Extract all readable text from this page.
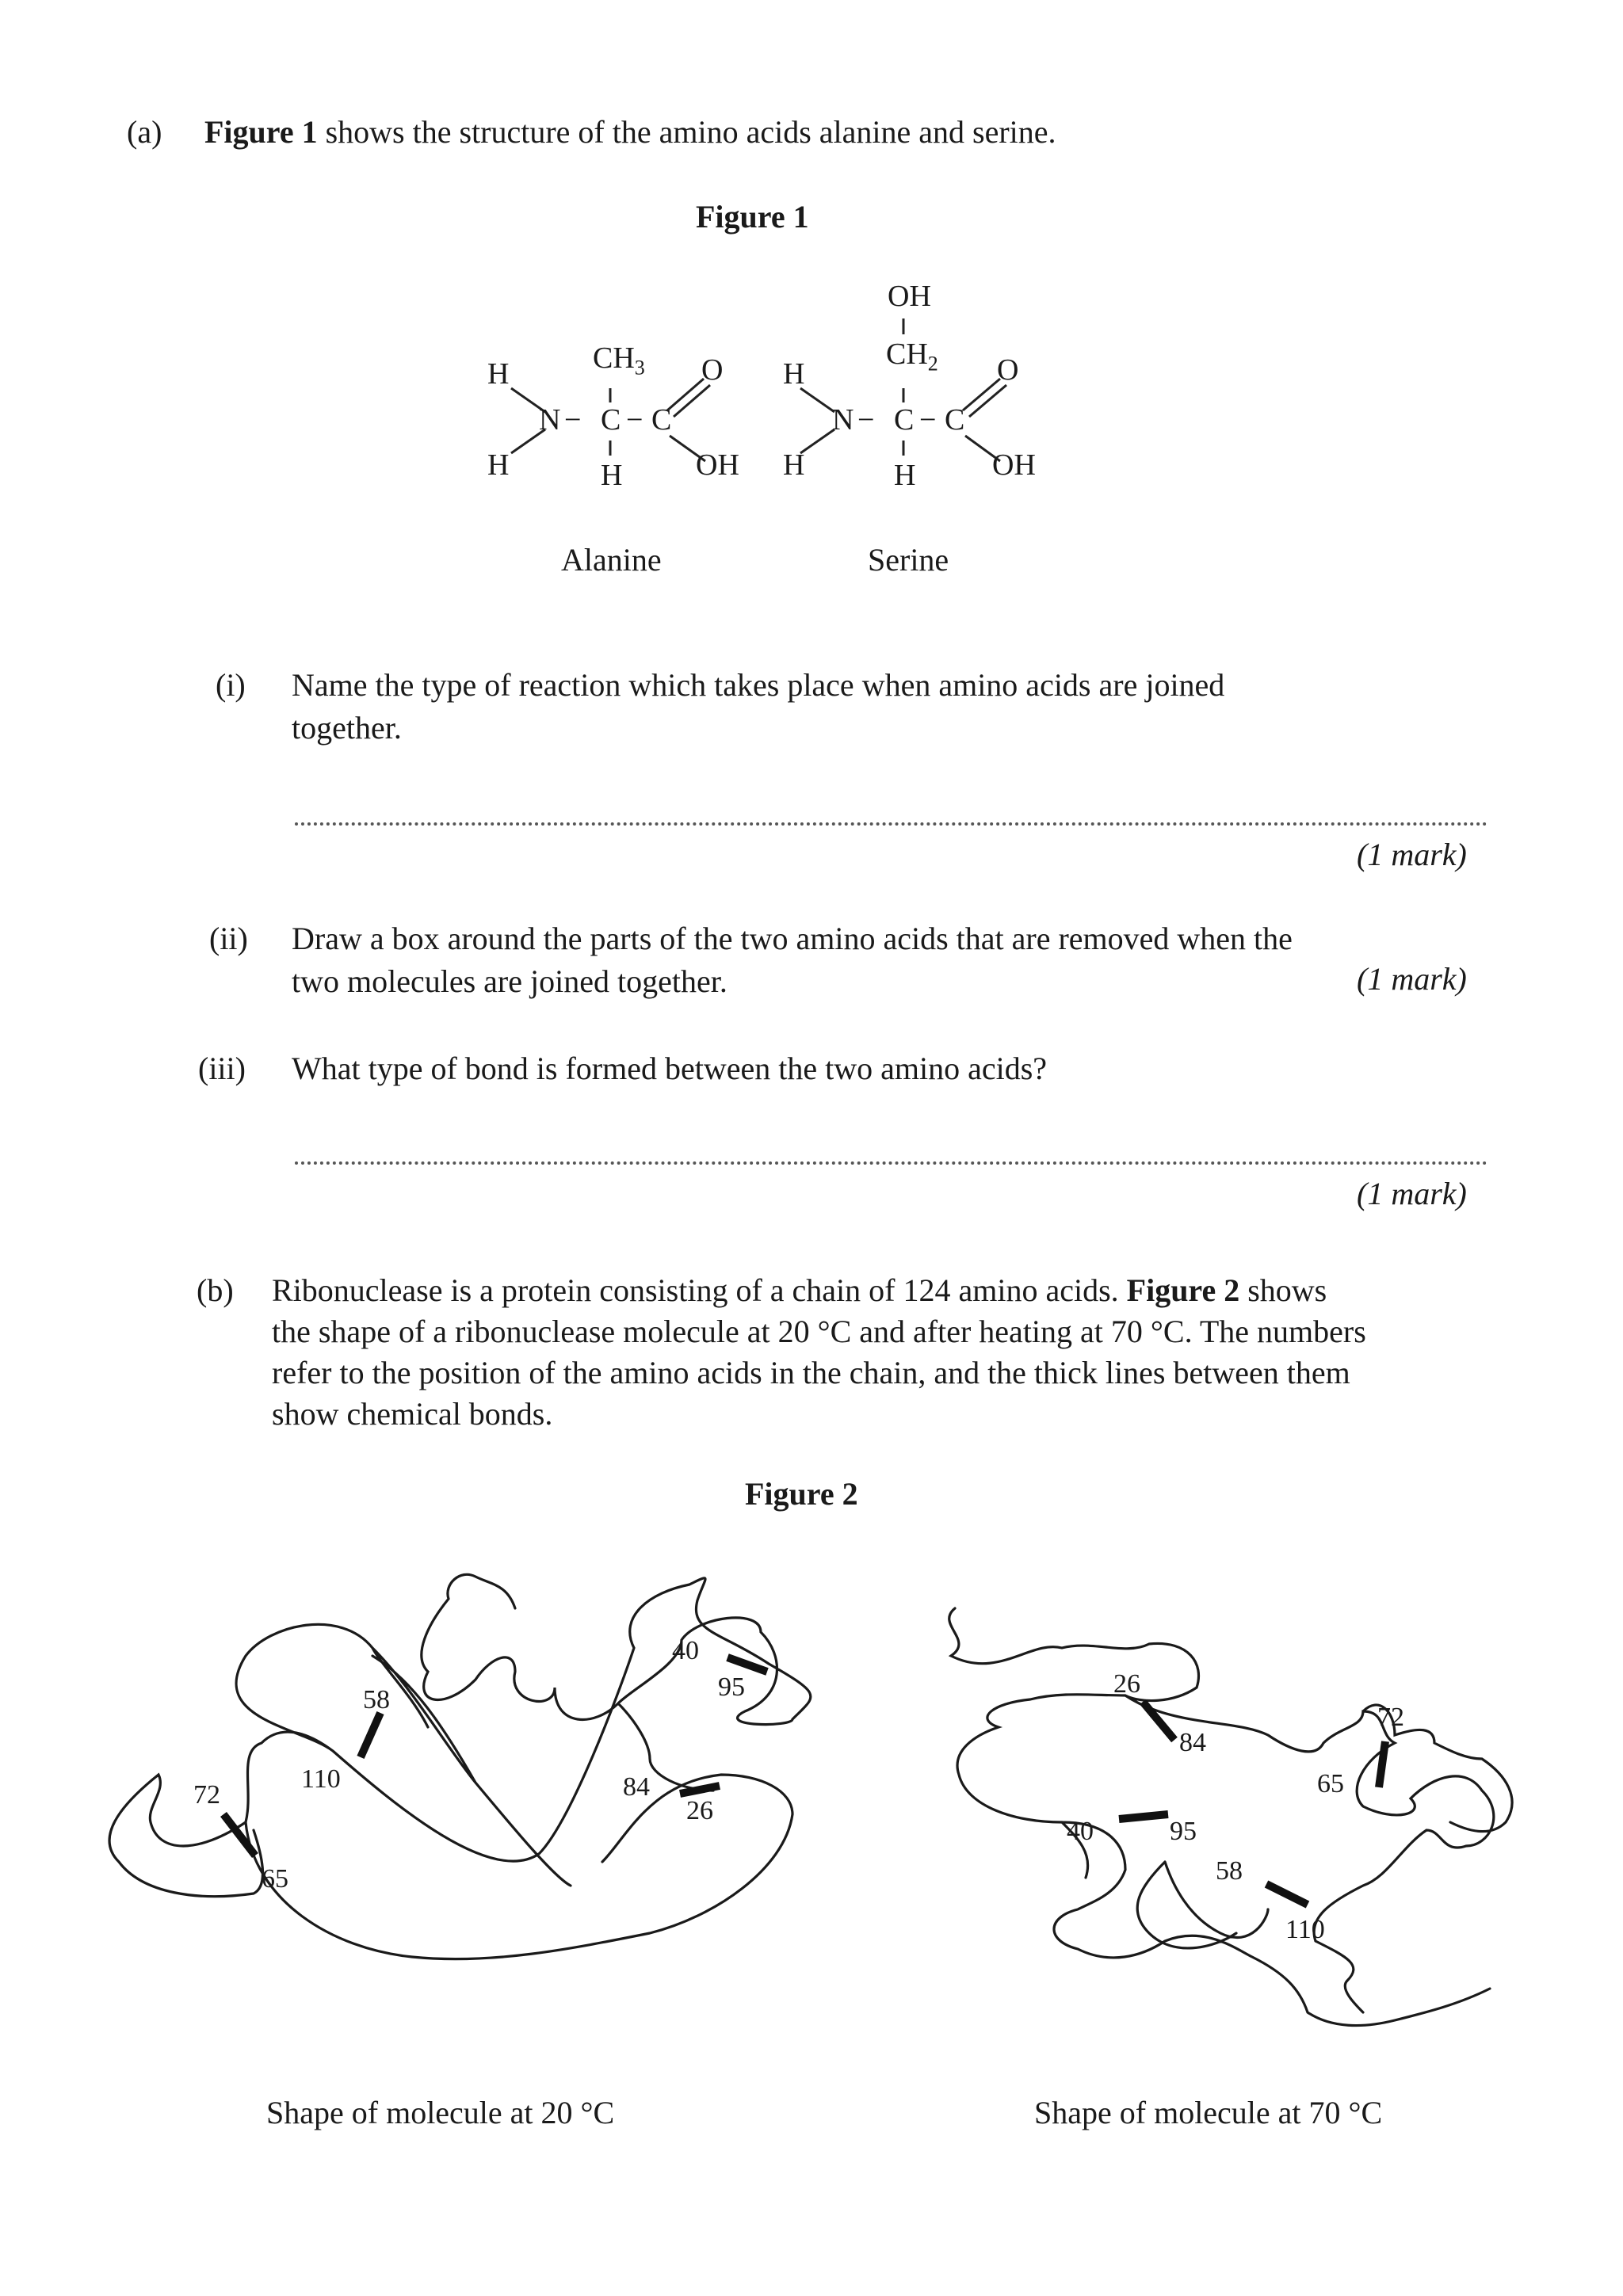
(a) Figure 1 shows the structure of the amino acids alanine and serine.
Figure 1
H
H
N − C − C
$CH_3$
H
O
OH
H
H
N − C − C
OH
$CH_2$
H
O
OH
Alanine	Serine
(i) Name the type of reaction which takes place when amino acids are joined
together.
(1 mark)
(ii) Draw a box around the parts of the two amino acids that are removed when the
two molecules are joined together.	(1 mark)
(iii) What type of bond is formed between the two amino acids?
(1 mark)
(b) Ribonuclease is a protein consisting of a chain of 124 amino acids. Figure 2 shows
the shape of a ribonuclease molecule at 20 °C and after heating at 70 °C. The numbers
refer to the position of the amino acids in the chain, and the thick lines between them
show chemical bonds.
Figure 2
58
110
72
65
40
95
84
26
26
84
40	95
58
110
72
65
Shape of molecule at 20 °C	Shape of molecule at 70 °C
